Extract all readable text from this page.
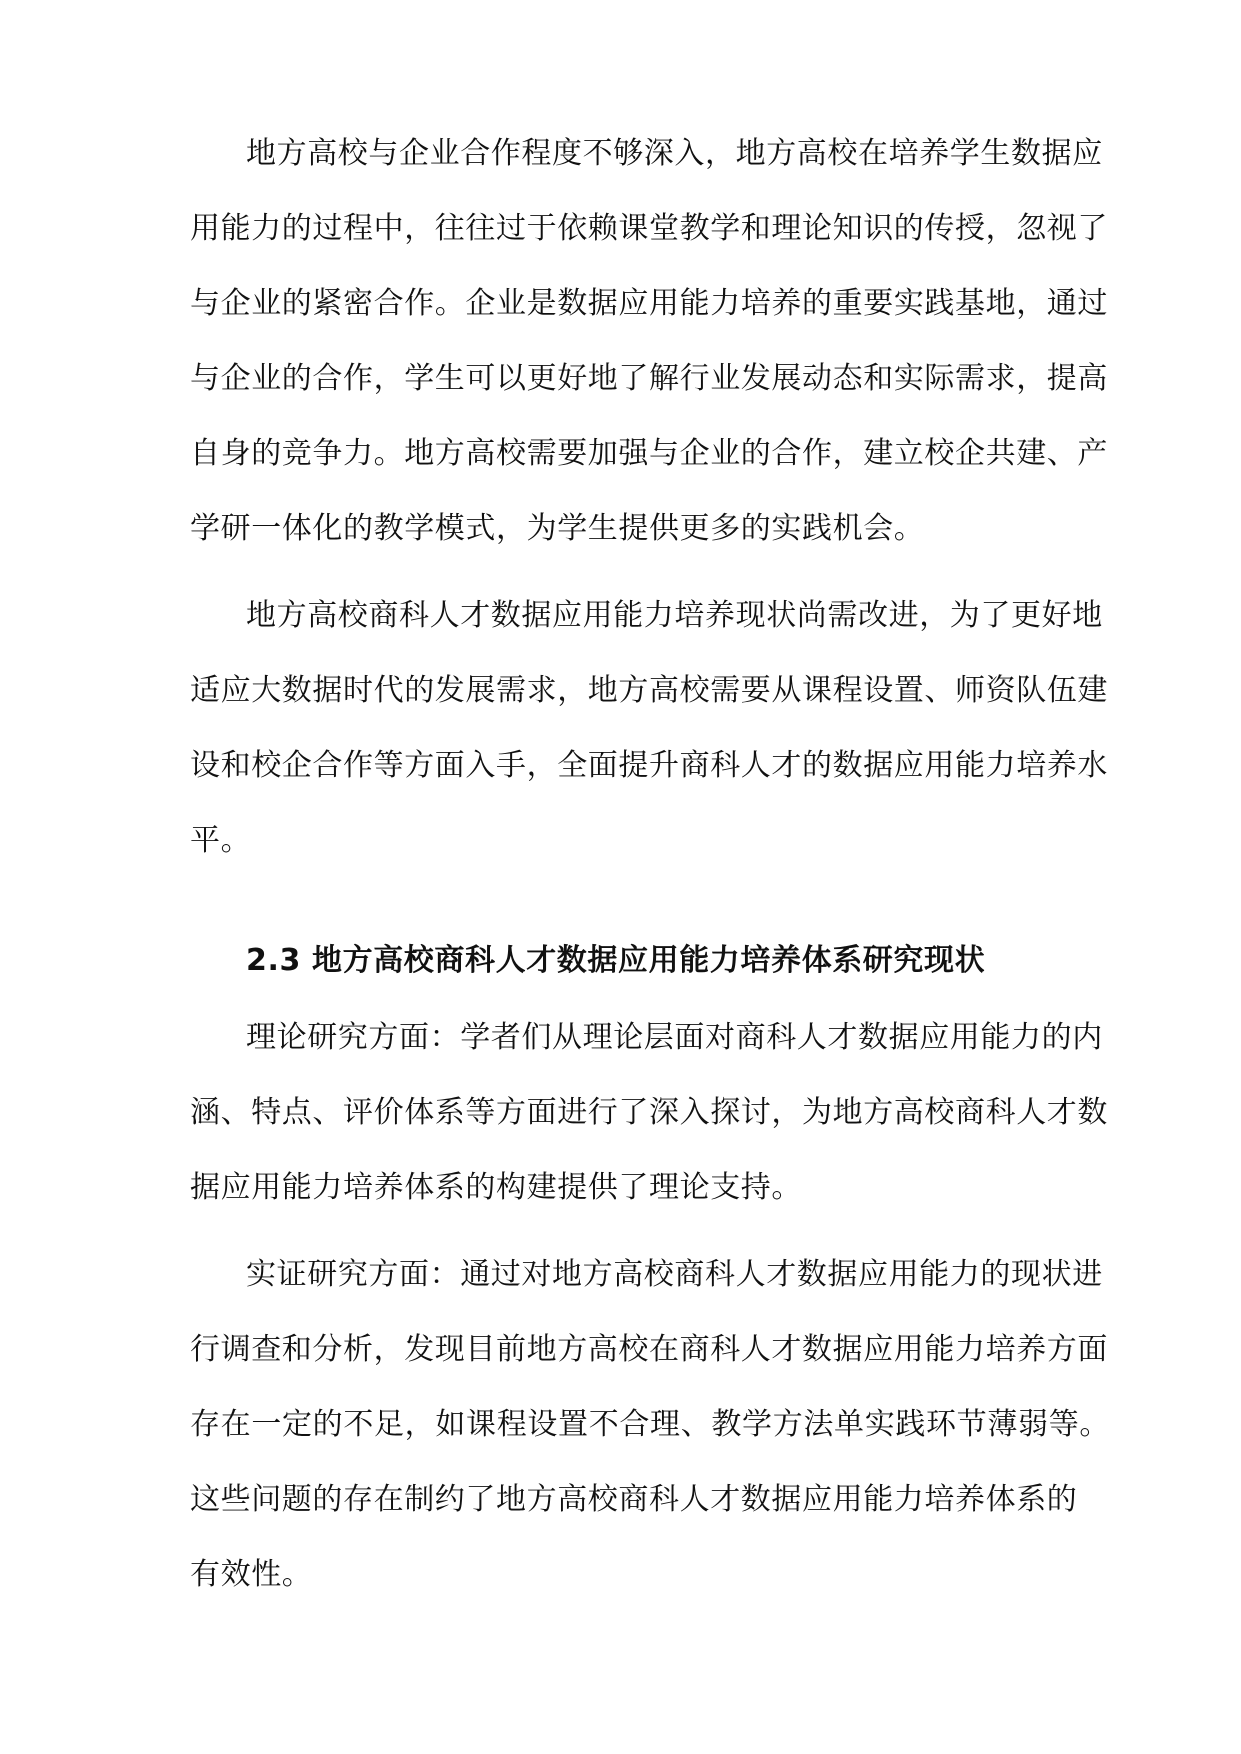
地方高校与企业合作程度不够深入，地方高校在培养学生数据应
用能力的过程中，往往过于依赖课堂教学和理论知识的传授，忽视了
与企业的紧密合作。企业是数据应用能力培养的重要实践基地，通过
与企业的合作，学生可以更好地了解行业发展动态和实际需求，提高
自身的竞争力。地方高校需要加强与企业的合作，建立校企共建、产
学研一体化的教学模式，为学生提供更多的实践机会。
地方高校商科人才数据应用能力培养现状尚需改进，为了更好地
适应大数据时代的发展需求，地方高校需要从课程设置、师资队伍建
设和校企合作等方面入手，全面提升商科人才的数据应用能力培养水
平。
2.3 地方高校商科人才数据应用能力培养体系研究现状
理论研究方面：学者们从理论层面对商科人才数据应用能力的内
涵、特点、评价体系等方面进行了深入探讨，为地方高校商科人才数
据应用能力培养体系的构建提供了理论支持。
实证研究方面：通过对地方高校商科人才数据应用能力的现状进
行调查和分析，发现目前地方高校在商科人才数据应用能力培养方面
存在一定的不足，如课程设置不合理、教学方法单实践环节薄弱等。
这些问题的存在制约了地方高校商科人才数据应用能力培养体系的
有效性。
